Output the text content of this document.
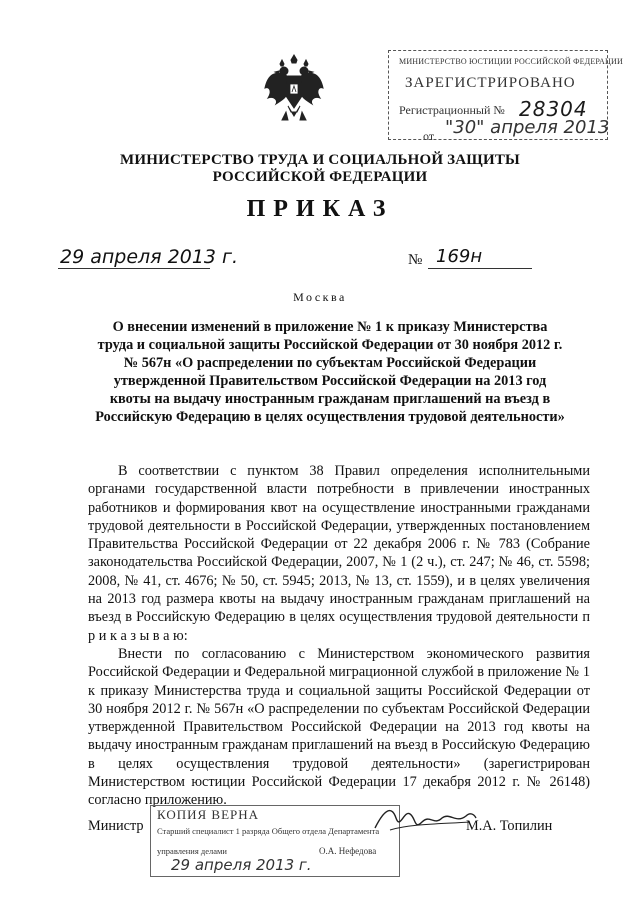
МИНИСТЕРСТВО ЮСТИЦИИ РОССИЙСКОЙ ФЕДЕРАЦИИ
ЗАРЕГИСТРИРОВАНО
Регистрационный № 28304
от "30" апреля 2013
МИНИСТЕРСТВО ТРУДА И СОЦИАЛЬНОЙ ЗАЩИТЫ
РОССИЙСКОЙ ФЕДЕРАЦИИ
ПРИКАЗ
29 апреля 2013 г.	№ 169н
Москва
О внесении изменений в приложение № 1 к приказу Министерства труда и социальной защиты Российской Федерации от 30 ноября 2012 г. № 567н «О распределении по субъектам Российской Федерации утвержденной Правительством Российской Федерации на 2013 год квоты на выдачу иностранным гражданам приглашений на въезд в Российскую Федерацию в целях осуществления трудовой деятельности»

В соответствии с пунктом 38 Правил определения исполнительными органами государственной власти потребности в привлечении иностранных работников и формирования квот на осуществление иностранными гражданами трудовой деятельности в Российской Федерации, утвержденных постановлением Правительства Российской Федерации от 22 декабря 2006 г. № 783 (Собрание законодательства Российской Федерации, 2007, № 1 (2 ч.), ст. 247; № 46, ст. 5598; 2008, № 41, ст. 4676; № 50, ст. 5945; 2013, № 13, ст. 1559), и в целях увеличения на 2013 год размера квоты на выдачу иностранным гражданам приглашений на въезд в Российскую Федерацию в целях осуществления трудовой деятельности п р и к а з ы в а ю:

Внести по согласованию с Министерством экономического развития Российской Федерации и Федеральной миграционной службой в приложение № 1 к приказу Министерства труда и социальной защиты Российской Федерации от 30 ноября 2012 г. № 567н «О распределении по субъектам Российской Федерации утвержденной Правительством Российской Федерации на 2013 год квоты на выдачу иностранным гражданам приглашений на въезд в Российскую Федерацию в целях осуществления трудовой деятельности» (зарегистрирован Министерством юстиции Российской Федерации 17 декабря 2012 г. № 26148) согласно приложению.

КОПИЯ ВЕРНА
Старший специалист 1 разряда Общего отдела Департамента
управления делами	О.А. Нефедова
29 апреля 2013 г.
Министр	М.А. Топилин
